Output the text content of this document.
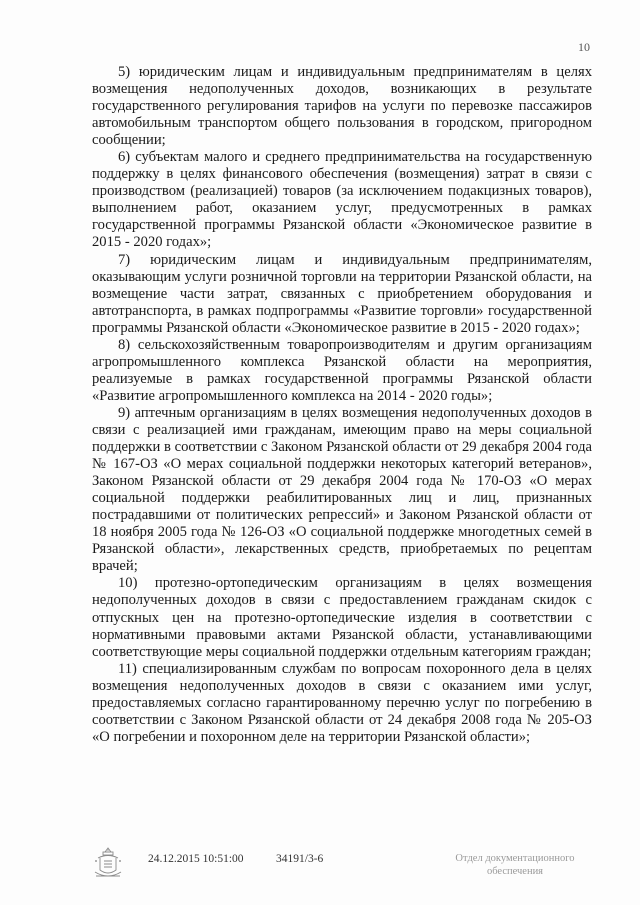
10

5) юридическим лицам и индивидуальным предпринимателям в целях возмещения недополученных доходов, возникающих в результате государственного регулирования тарифов на услуги по перевозке пассажиров автомобильным транспортом общего пользования в городском, пригородном сообщении;

6) субъектам малого и среднего предпринимательства на государственную поддержку в целях финансового обеспечения (возмещения) затрат в связи с производством (реализацией) товаров (за исключением подакцизных товаров), выполнением работ, оказанием услуг, предусмотренных в рамках государственной программы Рязанской области «Экономическое развитие в 2015 - 2020 годах»;

7) юридическим лицам и индивидуальным предпринимателям, оказывающим услуги розничной торговли на территории Рязанской области, на возмещение части затрат, связанных с приобретением оборудования и автотранспорта, в рамках подпрограммы «Развитие торговли» государственной программы Рязанской области «Экономическое развитие в 2015 - 2020 годах»;

8) сельскохозяйственным товаропроизводителям и другим организациям агропромышленного комплекса Рязанской области на мероприятия, реализуемые в рамках государственной программы Рязанской области «Развитие агропромышленного комплекса на 2014 - 2020 годы»;

9) аптечным организациям в целях возмещения недополученных доходов в связи с реализацией ими гражданам, имеющим право на меры социальной поддержки в соответствии с Законом Рязанской области от 29 декабря 2004 года № 167-ОЗ «О мерах социальной поддержки некоторых категорий ветеранов», Законом Рязанской области от 29 декабря 2004 года № 170-ОЗ «О мерах социальной поддержки реабилитированных лиц и лиц, признанных пострадавшими от политических репрессий» и Законом Рязанской области от 18 ноября 2005 года № 126-ОЗ «О социальной поддержке многодетных семей в Рязанской области», лекарственных средств, приобретаемых по рецептам врачей;

10) протезно-ортопедическим организациям в целях возмещения недополученных доходов в связи с предоставлением гражданам скидок с отпускных цен на протезно-ортопедические изделия в соответствии с нормативными правовыми актами Рязанской области, устанавливающими соответствующие меры социальной поддержки отдельным категориям граждан;

11) специализированным службам по вопросам похоронного дела в целях возмещения недополученных доходов в связи с оказанием ими услуг, предоставляемых согласно гарантированному перечню услуг по погребению в соответствии с Законом Рязанской области от 24 декабря 2008 года № 205-ОЗ «О погребении и похоронном деле на территории Рязанской области»;

24.12.2015 10:51:00	34191/3-6	Отдел документационного обеспечения
